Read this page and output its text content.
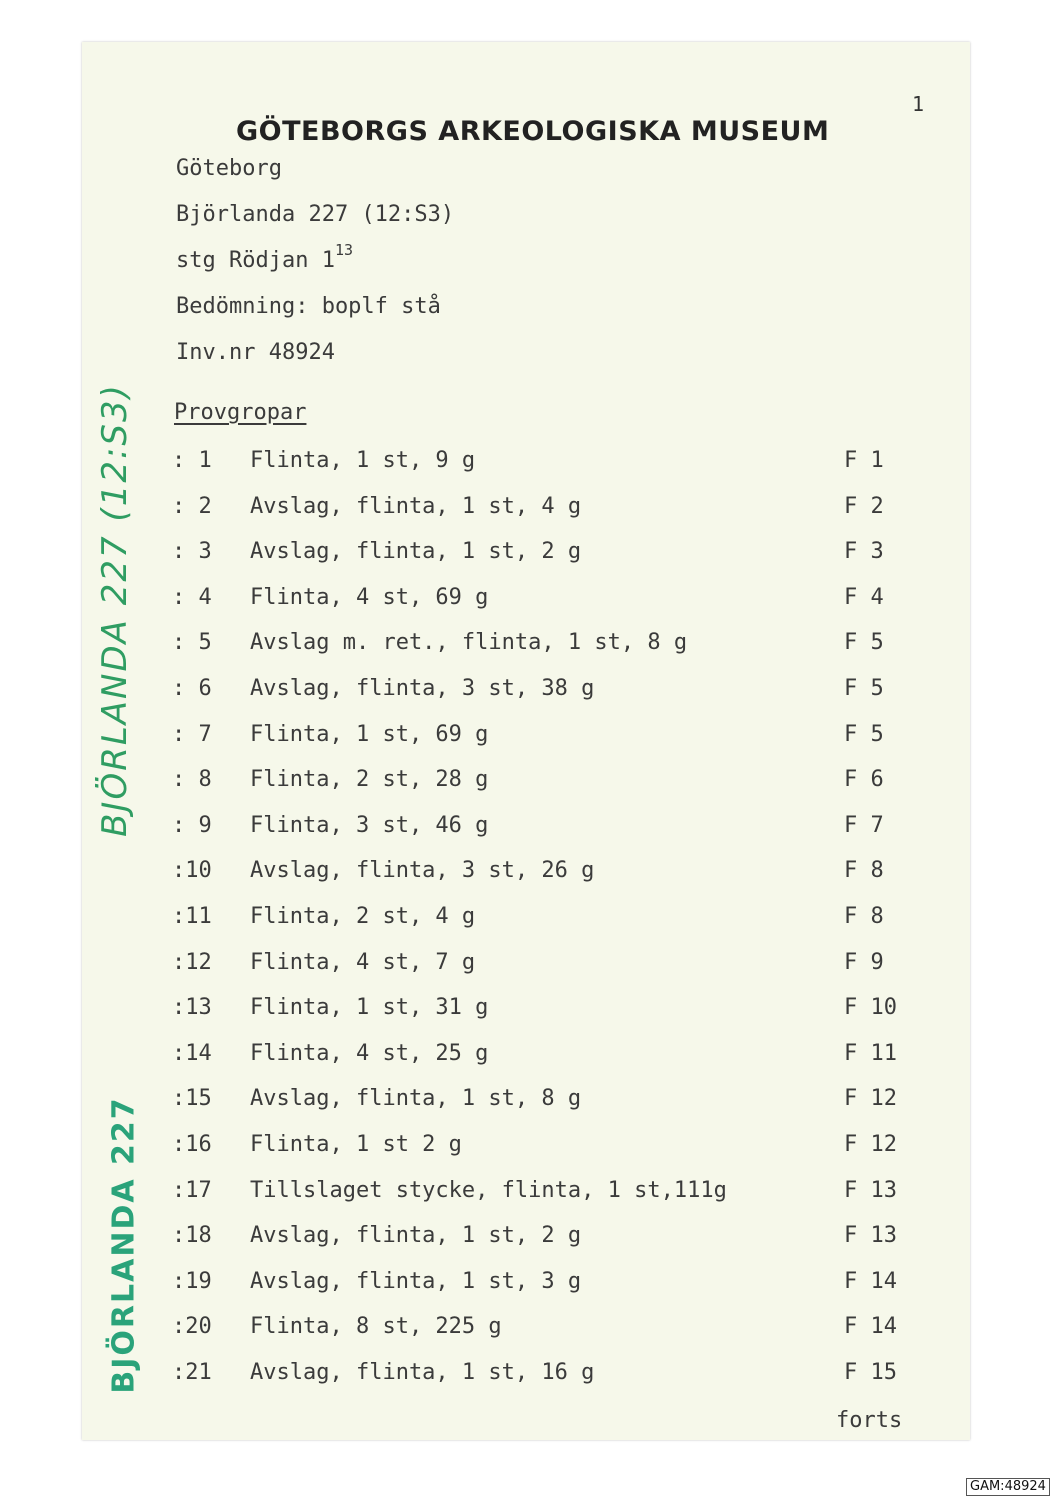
1
GÖTEBORGS ARKEOLOGISKA MUSEUM
Göteborg
Björlanda 227 (12:S3)
stg Rödjan $1^{13}$
Bedömning: boplf stå
Inv.nr 48924
Provgropar
: 1 Flinta, 1 st, 9 g	F 1
: 2 Avslag, flinta, 1 st, 4 g	F 2
: 3 Avslag, flinta, 1 st, 2 g	F 3
: 4 Flinta, 4 st, 69 g	F 4
: 5 Avslag m. ret., flinta, 1 st, 8 g	F 5
: 6 Avslag, flinta, 3 st, 38 g	F 5
: 7 Flinta, 1 st, 69 g	F 5
: 8 Flinta, 2 st, 28 g	F 6
: 9 Flinta, 3 st, 46 g	F 7
:10 Avslag, flinta, 3 st, 26 g	F 8
:11 Flinta, 2 st, 4 g	F 8
:12 Flinta, 4 st, 7 g	F 9
:13 Flinta, 1 st, 31 g	F 10
:14 Flinta, 4 st, 25 g	F 11
:15 Avslag, flinta, 1 st, 8 g	F 12
:16 Flinta, 1 st 2 g	F 12
:17 Tillslaget stycke, flinta, 1 st,111g	F 13
:18 Avslag, flinta, 1 st, 2 g	F 13
:19 Avslag, flinta, 1 st, 3 g	F 14
:20 Flinta, 8 st, 225 g	F 14
:21 Avslag, flinta, 1 st, 16 g	F 15
forts
BJÖRLANDA 227 (12:S3)
BJÖRLANDA 227
GAM:48924
